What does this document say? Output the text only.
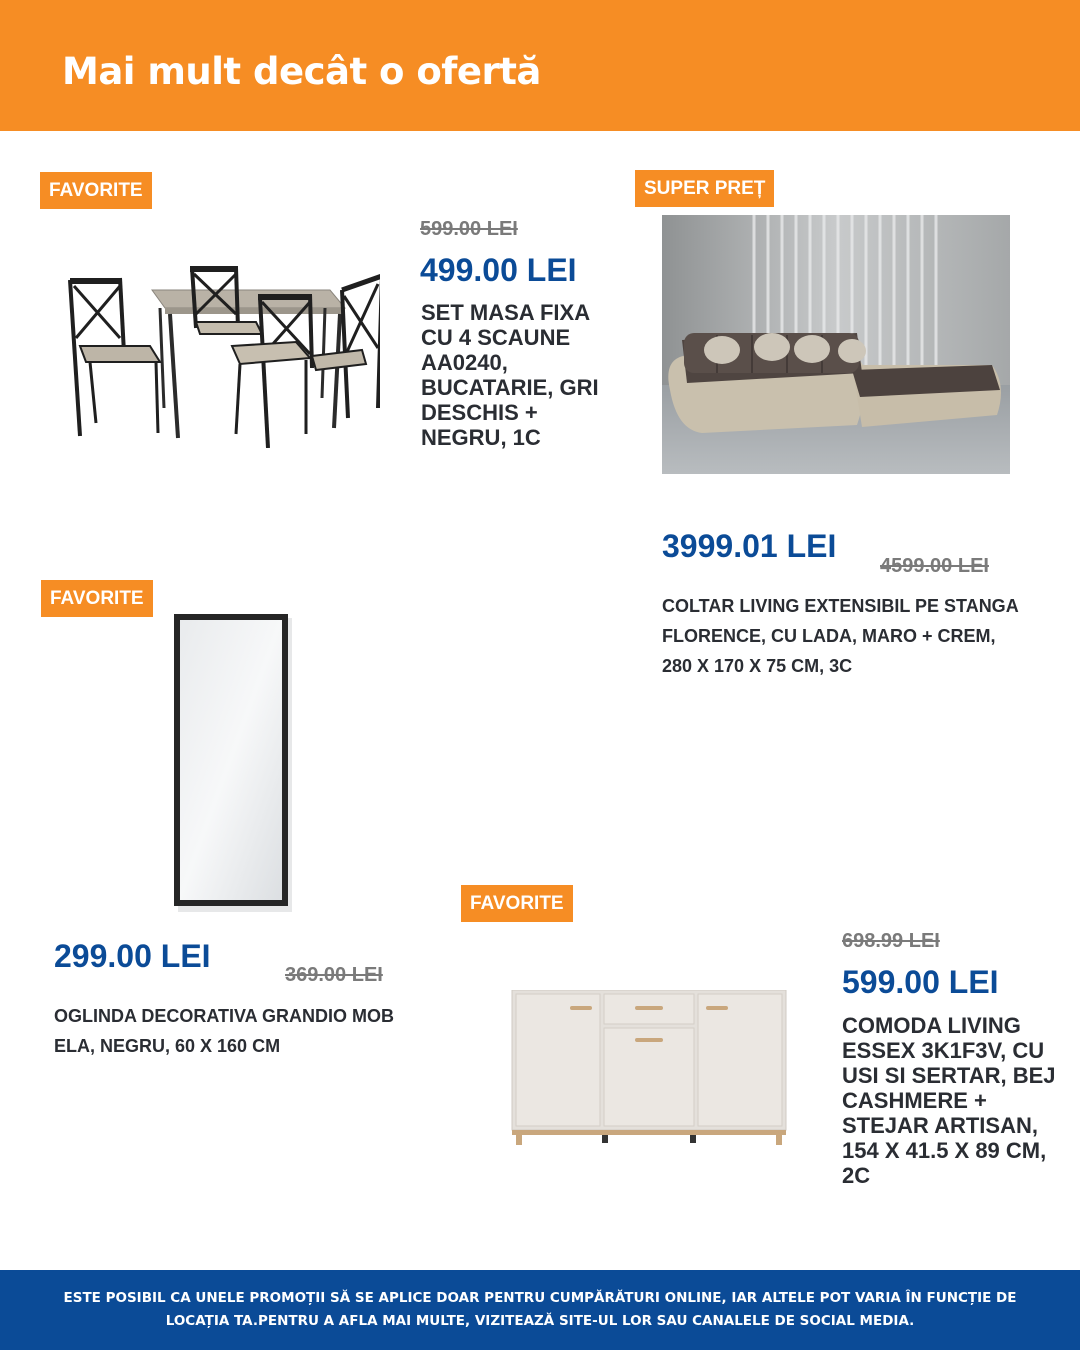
Mai mult decât o ofertă
FAVORITE
599.00 LEI
499.00 LEI
SET MASA FIXA CU 4 SCAUNE AA0240, BUCATARIE, GRI DESCHIS + NEGRU, 1C
SUPER PREȚ
3999.01 LEI
4599.00 LEI
COLTAR LIVING EXTENSIBIL PE STANGA FLORENCE, CU LADA, MARO + CREM, 280 X 170 X 75 CM, 3C
FAVORITE
299.00 LEI
369.00 LEI
OGLINDA DECORATIVA GRANDIO MOB ELA, NEGRU, 60 X 160 CM
FAVORITE
698.99 LEI
599.00 LEI
COMODA LIVING ESSEX 3K1F3V, CU USI SI SERTAR, BEJ CASHMERE + STEJAR ARTISAN, 154 X 41.5 X 89 CM, 2C

ESTE POSIBIL CA UNELE PROMOȚII SĂ SE APLICE DOAR PENTRU CUMPĂRĂTURI ONLINE, IAR ALTELE POT VARIA ÎN FUNCȚIE DE LOCAȚIA TA.PENTRU A AFLA MAI MULTE, VIZITEAZĂ SITE-UL LOR SAU CANALELE DE SOCIAL MEDIA.
